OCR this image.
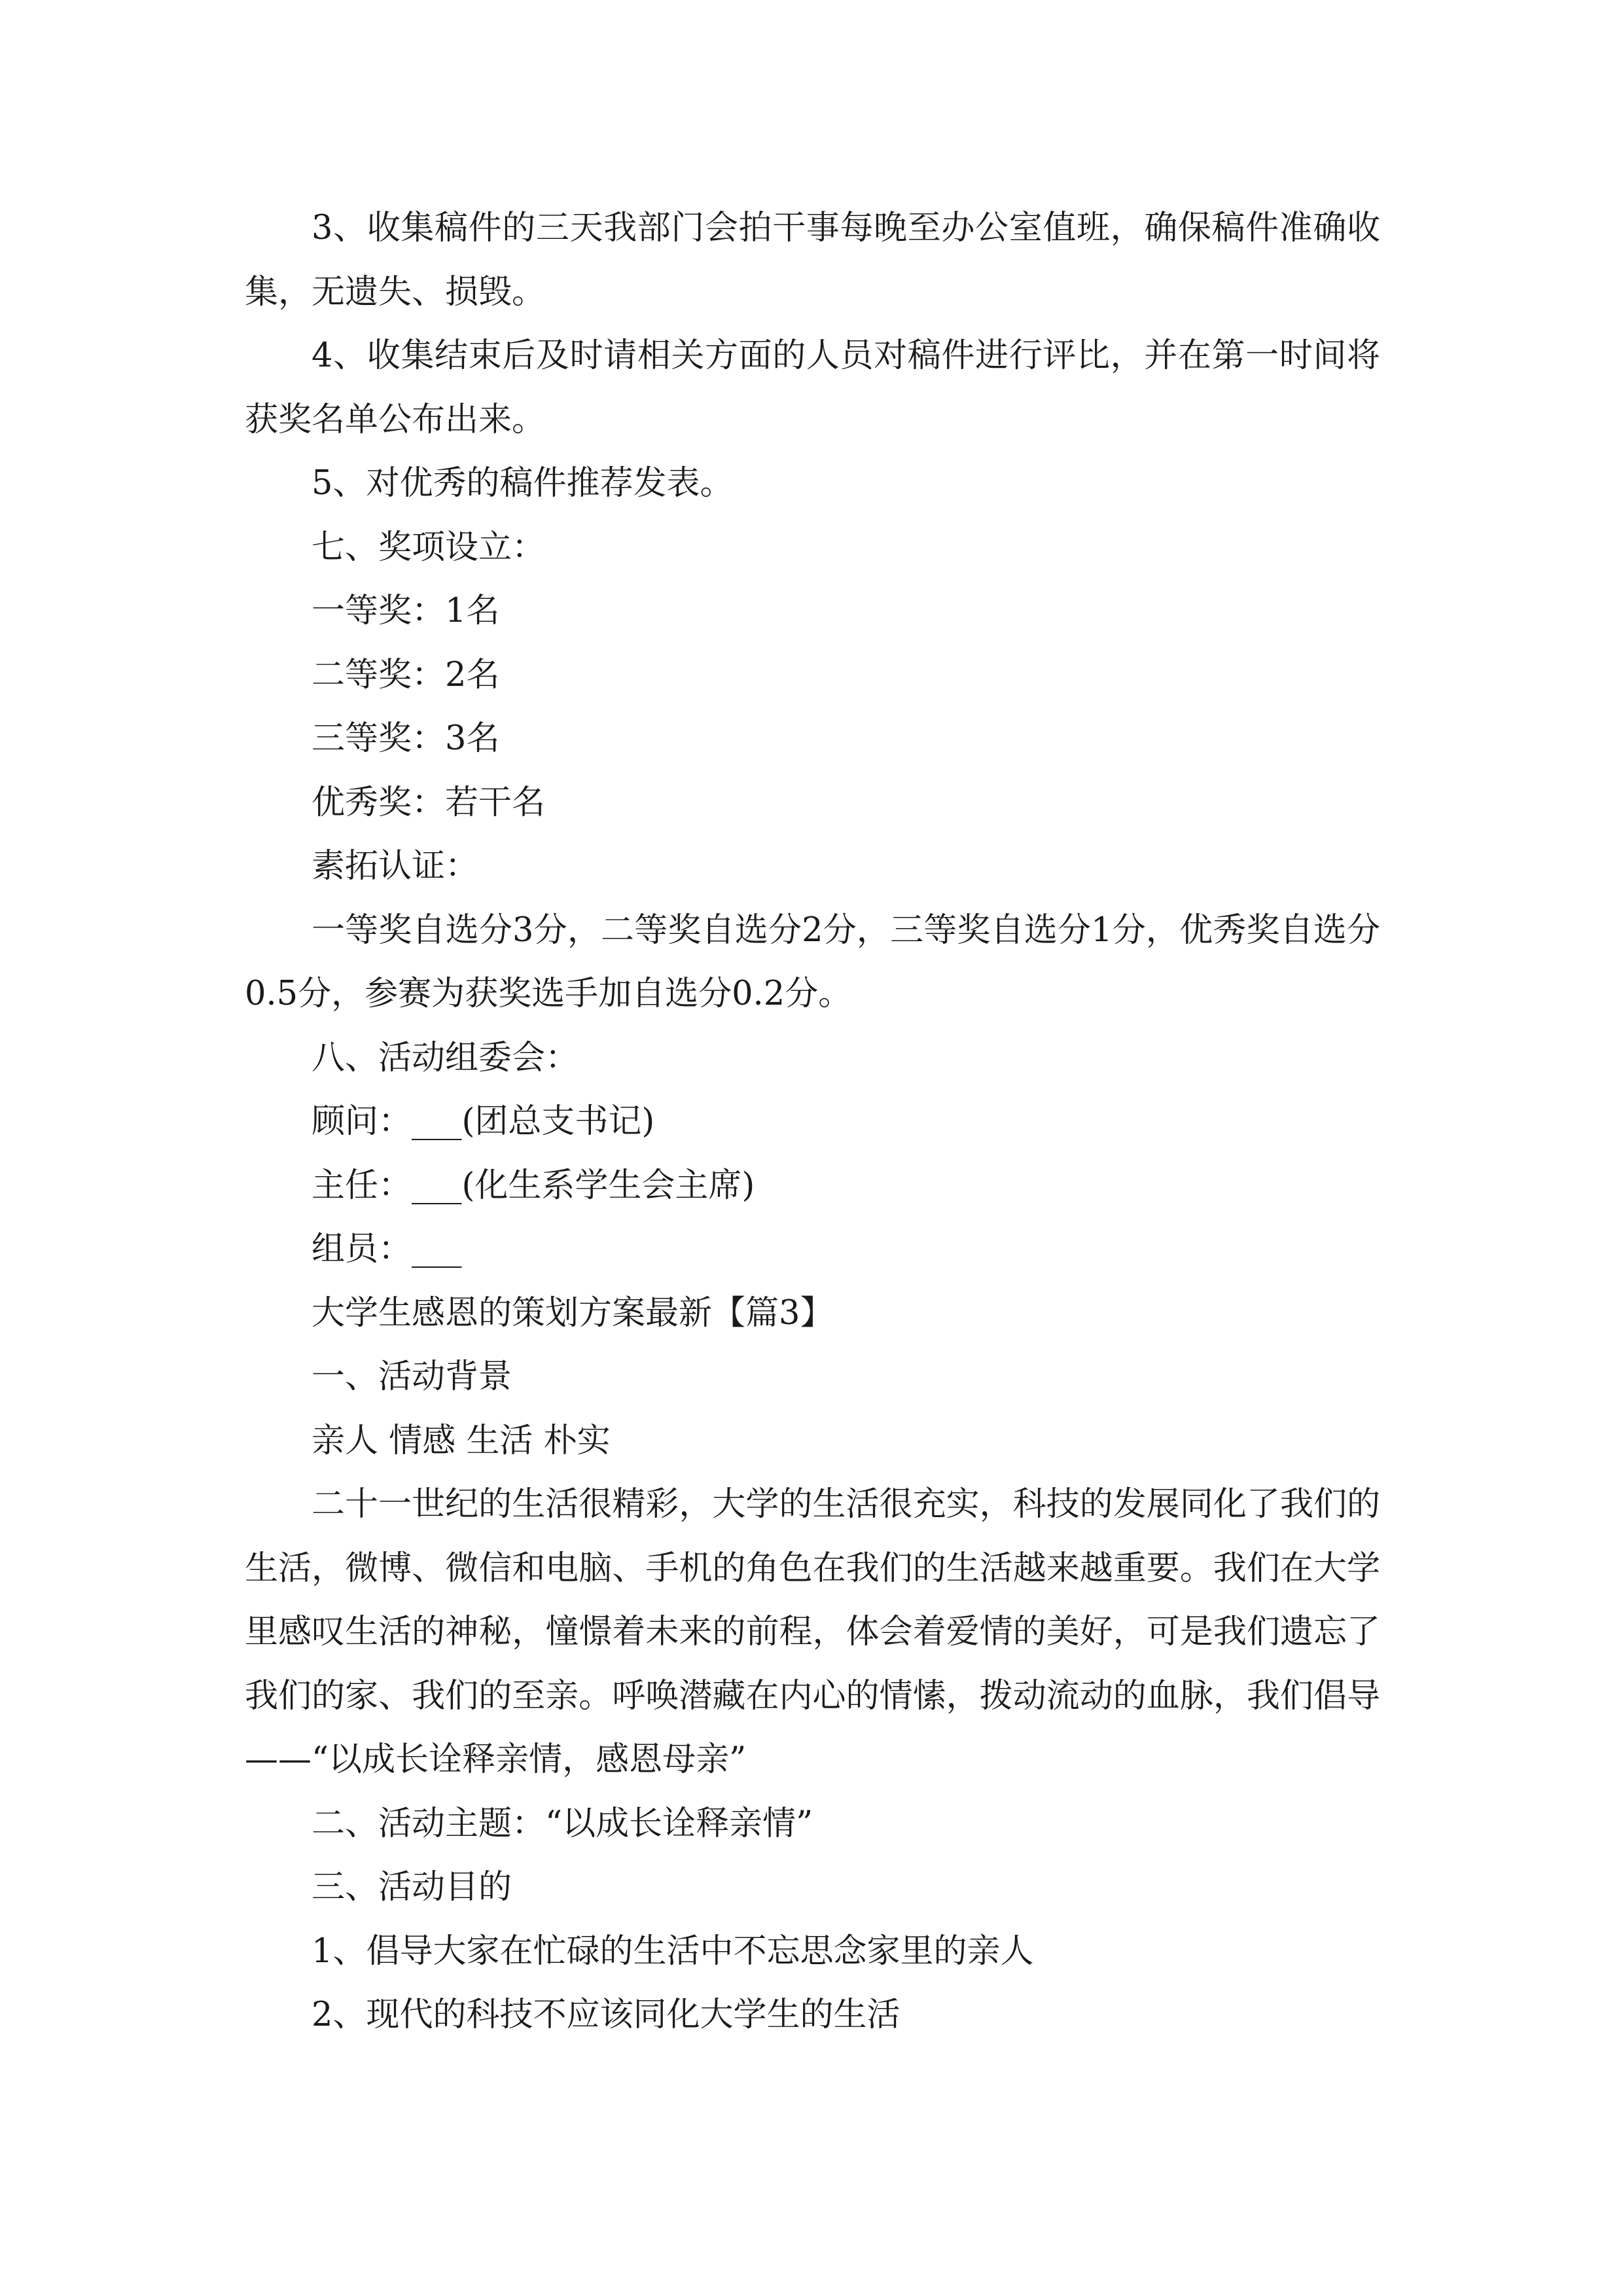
3、收集稿件的三天我部门会拍干事每晚至办公室值班，确保稿件准确收集，无遗失、损毁。

4、收集结束后及时请相关方面的人员对稿件进行评比，并在第一时间将获奖名单公布出来。

5、对优秀的稿件推荐发表。

七、奖项设立：

一等奖：1名

二等奖：2名

三等奖：3名

优秀奖：若干名

素拓认证：

一等奖自选分3分，二等奖自选分2分，三等奖自选分1分，优秀奖自选分0.5分，参赛为获奖选手加自选分0.2分。

八、活动组委会：

顾问：___(团总支书记)

主任：___(化生系学生会主席)

组员：___

大学生感恩的策划方案最新【篇3】

一、活动背景

亲人 情感 生活 朴实

二十一世纪的生活很精彩，大学的生活很充实，科技的发展同化了我们的生活，微博、微信和电脑、手机的角色在我们的生活越来越重要。我们在大学里感叹生活的神秘，憧憬着未来的前程，体会着爱情的美好，可是我们遗忘了我们的家、我们的至亲。呼唤潜藏在内心的情愫，拨动流动的血脉，我们倡导——“以成长诠释亲情，感恩母亲”

二、活动主题：“以成长诠释亲情”

三、活动目的

1、倡导大家在忙碌的生活中不忘思念家里的亲人

2、现代的科技不应该同化大学生的生活
